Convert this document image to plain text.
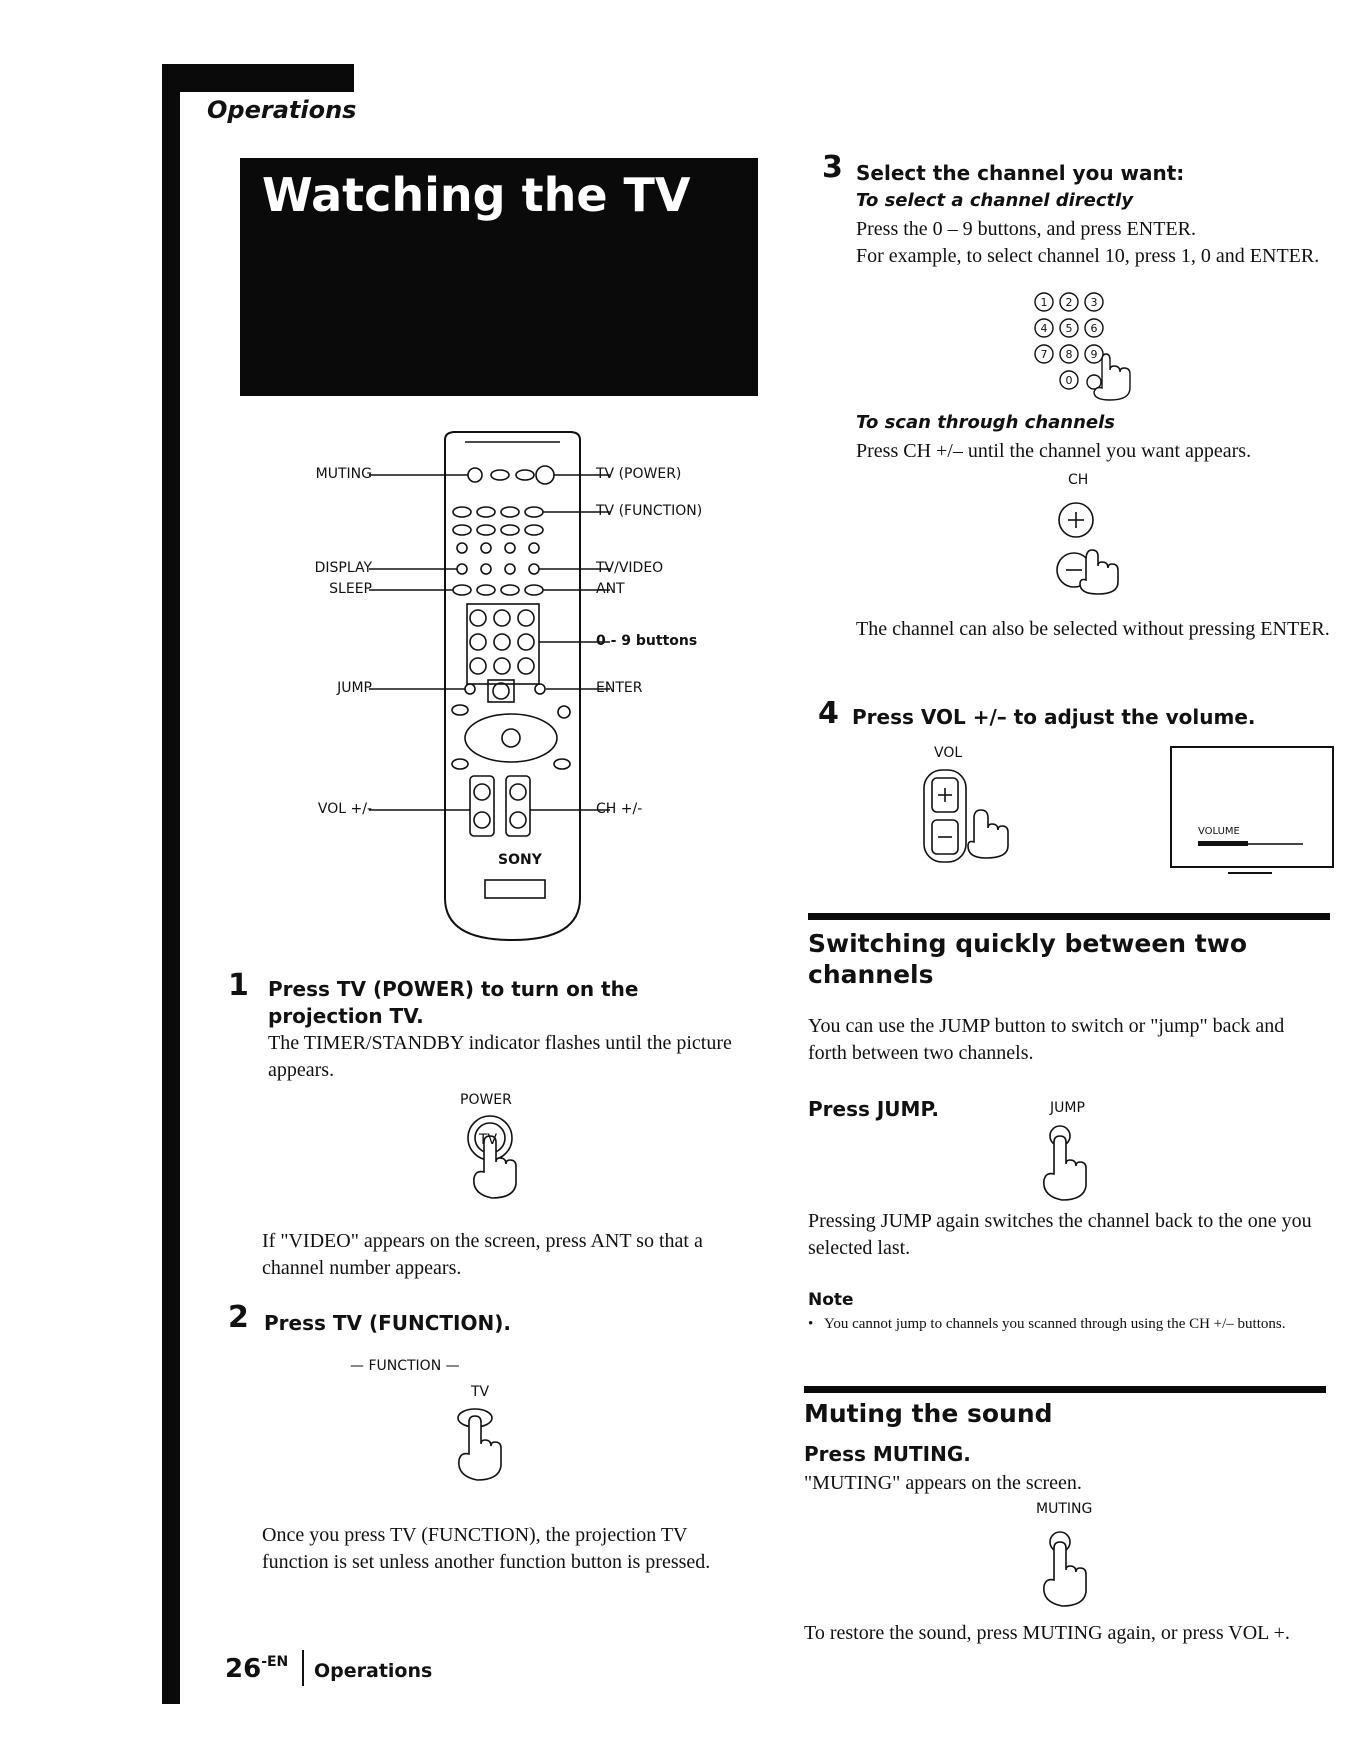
Operations
Watching the TV
SONY
MUTING
DISPLAY
SLEEP
JUMP
VOL +/-
TV (POWER)
TV (FUNCTION)
TV/VIDEO
ANT
0 - 9 buttons
ENTER
CH +/-
1 Press TV (POWER) to turn on the projection TV.
The TIMER/STANDBY indicator flashes until the picture appears.
POWER
TV
If "VIDEO" appears on the screen, press ANT so that a channel number appears.
2 Press TV (FUNCTION).
— FUNCTION —
TV
Once you press TV (FUNCTION), the projection TV function is set unless another function button is pressed.
$26^{-EN}$ Operations
3 Select the channel you want:
To select a channel directly
Press the 0 – 9 buttons, and press ENTER.
For example, to select channel 10, press 1, 0 and ENTER.
1 2 3
4 5 6
7 8 9
0
To scan through channels
Press CH +/– until the channel you want appears.
CH
The channel can also be selected without pressing ENTER.
4 Press VOL +/– to adjust the volume.
VOL
VOLUME
Switching quickly between two channels
You can use the JUMP button to switch or "jump" back and forth between two channels.
Press JUMP.	JUMP
Pressing JUMP again switches the channel back to the one you selected last.
Note
• You cannot jump to channels you scanned through using the CH +/– buttons.
Muting the sound
Press MUTING.
"MUTING" appears on the screen.
MUTING
To restore the sound, press MUTING again, or press VOL +.
